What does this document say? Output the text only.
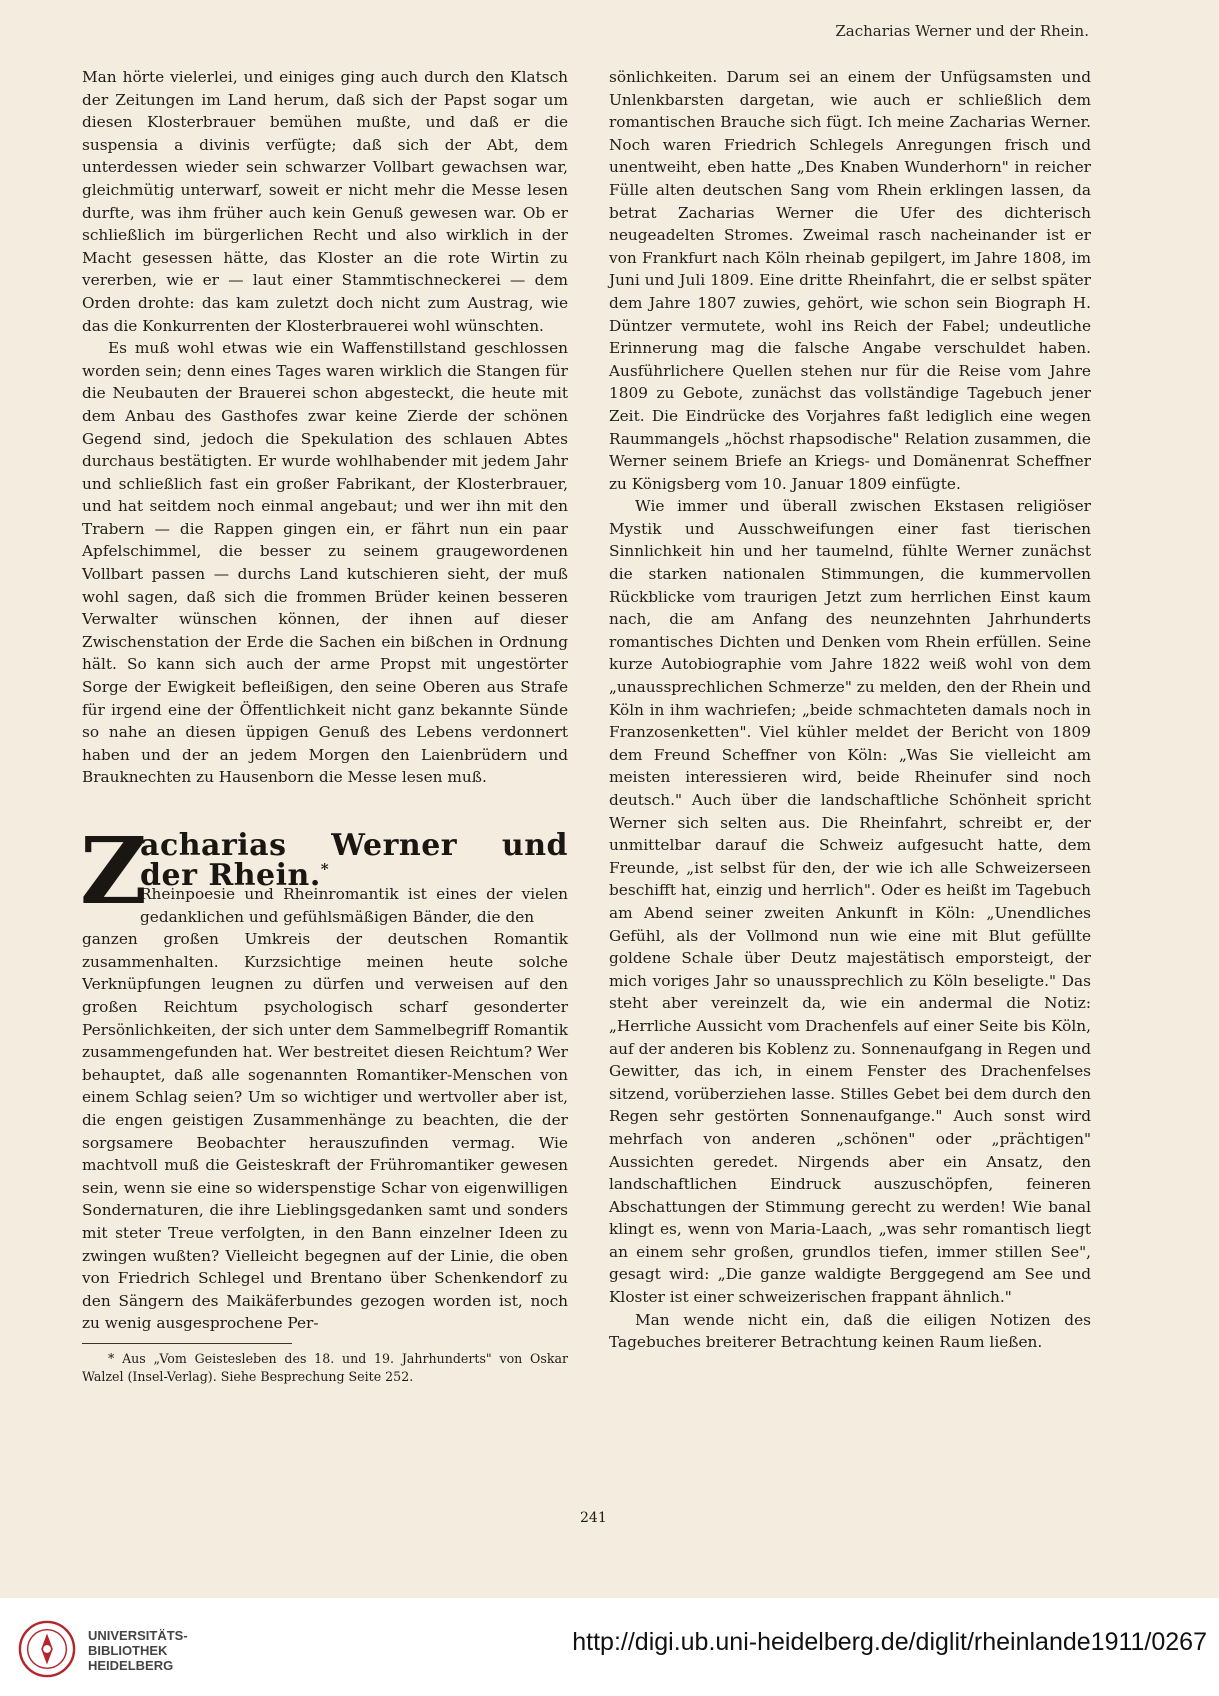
Zacharias Werner und der Rhein.

Man hörte vielerlei, und einiges ging auch durch den Klatsch der Zeitungen im Land herum, daß sich der Papst sogar um diesen Klosterbrauer bemühen mußte, und daß er die suspensia a divinis verfügte; daß sich der Abt, dem unterdessen wieder sein schwarzer Vollbart gewachsen war, gleichmütig unterwarf, soweit er nicht mehr die Messe lesen durfte, was ihm früher auch kein Genuß gewesen war. Ob er schließlich im bürgerlichen Recht und also wirklich in der Macht gesessen hätte, das Kloster an die rote Wirtin zu vererben, wie er — laut einer Stammtischneckerei — dem Orden drohte: das kam zuletzt doch nicht zum Austrag, wie das die Konkurrenten der Klosterbrauerei wohl wünschten.

Es muß wohl etwas wie ein Waffenstillstand geschlossen worden sein; denn eines Tages waren wirklich die Stangen für die Neubauten der Brauerei schon abgesteckt, die heute mit dem Anbau des Gasthofes zwar keine Zierde der schönen Gegend sind, jedoch die Spekulation des schlauen Abtes durchaus bestätigten. Er wurde wohlhabender mit jedem Jahr und schließlich fast ein großer Fabrikant, der Klosterbrauer, und hat seitdem noch einmal angebaut; und wer ihn mit den Trabern — die Rappen gingen ein, er fährt nun ein paar Apfelschimmel, die besser zu seinem graugewordenen Vollbart passen — durchs Land kutschieren sieht, der muß wohl sagen, daß sich die frommen Brüder keinen besseren Verwalter wünschen können, der ihnen auf dieser Zwischenstation der Erde die Sachen ein bißchen in Ordnung hält. So kann sich auch der arme Propst mit ungestörter Sorge der Ewigkeit befleißigen, den seine Oberen aus Strafe für irgend eine der Öffentlichkeit nicht ganz bekannte Sünde so nahe an diesen üppigen Genuß des Lebens verdonnert haben und der an jedem Morgen den Laienbrüdern und Brauknechten zu Hausenborn die Messe lesen muß.

Z
acharias Werner und der Rhein.*

Rheinpoesie und Rheinromantik ist eines der vielen gedanklichen und gefühlsmäßigen Bänder, die den

ganzen großen Umkreis der deutschen Romantik zusammenhalten. Kurzsichtige meinen heute solche Verknüpfungen leugnen zu dürfen und verweisen auf den großen Reichtum psychologisch scharf gesonderter Persönlichkeiten, der sich unter dem Sammelbegriff Romantik zusammengefunden hat. Wer bestreitet diesen Reichtum? Wer behauptet, daß alle sogenannten Romantiker-Menschen von einem Schlag seien? Um so wichtiger und wertvoller aber ist, die engen geistigen Zusammenhänge zu beachten, die der sorgsamere Beobachter herauszufinden vermag. Wie machtvoll muß die Geisteskraft der Frühromantiker gewesen sein, wenn sie eine so widerspenstige Schar von eigenwilligen Sondernaturen, die ihre Lieblingsgedanken samt und sonders mit steter Treue verfolgten, in den Bann einzelner Ideen zu zwingen wußten? Vielleicht begegnen auf der Linie, die oben von Friedrich Schlegel und Brentano über Schenkendorf zu den Sängern des Maikäferbundes gezogen worden ist, noch zu wenig ausgesprochene Per-

* Aus „Vom Geistesleben des 18. und 19. Jahrhunderts" von Oskar Walzel (Insel-Verlag). Siehe Besprechung Seite 252.

sönlichkeiten. Darum sei an einem der Unfügsamsten und Unlenkbarsten dargetan, wie auch er schließlich dem romantischen Brauche sich fügt. Ich meine Zacharias Werner. Noch waren Friedrich Schlegels Anregungen frisch und unentweiht, eben hatte „Des Knaben Wunderhorn" in reicher Fülle alten deutschen Sang vom Rhein erklingen lassen, da betrat Zacharias Werner die Ufer des dichterisch neugeadelten Stromes. Zweimal rasch nacheinander ist er von Frankfurt nach Köln rheinab gepilgert, im Jahre 1808, im Juni und Juli 1809. Eine dritte Rheinfahrt, die er selbst später dem Jahre 1807 zuwies, gehört, wie schon sein Biograph H. Düntzer vermutete, wohl ins Reich der Fabel; undeutliche Erinnerung mag die falsche Angabe verschuldet haben. Ausführlichere Quellen stehen nur für die Reise vom Jahre 1809 zu Gebote, zunächst das vollständige Tagebuch jener Zeit. Die Eindrücke des Vorjahres faßt lediglich eine wegen Raummangels „höchst rhapsodische" Relation zusammen, die Werner seinem Briefe an Kriegs- und Domänenrat Scheffner zu Königsberg vom 10. Januar 1809 einfügte.

Wie immer und überall zwischen Ekstasen religiöser Mystik und Ausschweifungen einer fast tierischen Sinnlichkeit hin und her taumelnd, fühlte Werner zunächst die starken nationalen Stimmungen, die kummervollen Rückblicke vom traurigen Jetzt zum herrlichen Einst kaum nach, die am Anfang des neunzehnten Jahrhunderts romantisches Dichten und Denken vom Rhein erfüllen. Seine kurze Autobiographie vom Jahre 1822 weiß wohl von dem „unaussprechlichen Schmerze" zu melden, den der Rhein und Köln in ihm wachriefen; „beide schmachteten damals noch in Franzosenketten". Viel kühler meldet der Bericht von 1809 dem Freund Scheffner von Köln: „Was Sie vielleicht am meisten interessieren wird, beide Rheinufer sind noch deutsch." Auch über die landschaftliche Schönheit spricht Werner sich selten aus. Die Rheinfahrt, schreibt er, der unmittelbar darauf die Schweiz aufgesucht hatte, dem Freunde, „ist selbst für den, der wie ich alle Schweizerseen beschifft hat, einzig und herrlich". Oder es heißt im Tagebuch am Abend seiner zweiten Ankunft in Köln: „Unendliches Gefühl, als der Vollmond nun wie eine mit Blut gefüllte goldene Schale über Deutz majestätisch emporsteigt, der mich voriges Jahr so unaussprechlich zu Köln beseligte." Das steht aber vereinzelt da, wie ein andermal die Notiz: „Herrliche Aussicht vom Drachenfels auf einer Seite bis Köln, auf der anderen bis Koblenz zu. Sonnenaufgang in Regen und Gewitter, das ich, in einem Fenster des Drachenfelses sitzend, vorüberziehen lasse. Stilles Gebet bei dem durch den Regen sehr gestörten Sonnenaufgange." Auch sonst wird mehrfach von anderen „schönen" oder „prächtigen" Aussichten geredet. Nirgends aber ein Ansatz, den landschaftlichen Eindruck auszuschöpfen, feineren Abschattungen der Stimmung gerecht zu werden! Wie banal klingt es, wenn von Maria-Laach, „was sehr romantisch liegt an einem sehr großen, grundlos tiefen, immer stillen See", gesagt wird: „Die ganze waldigte Berggegend am See und Kloster ist einer schweizerischen frappant ähnlich."

Man wende nicht ein, daß die eiligen Notizen des Tagebuches breiterer Betrachtung keinen Raum ließen.

241
UNIVERSITÄTS-
BIBLIOTHEK
HEIDELBERG
http://digi.ub.uni-heidelberg.de/diglit/rheinlande1911/0267
